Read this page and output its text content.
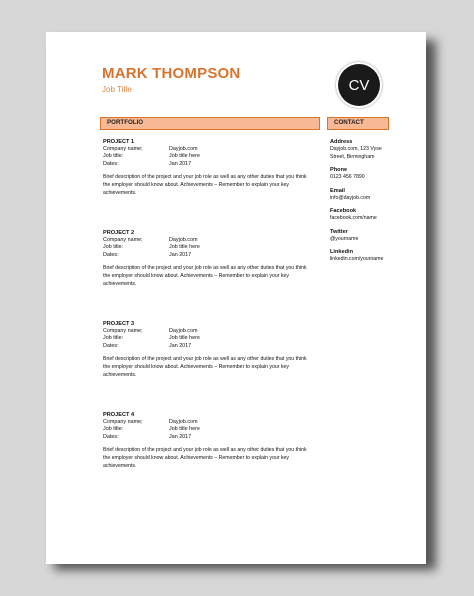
MARK THOMPSON
Job Title	CV
PORTFOLIO	CONTACT
PROJECT 1
Company name;	Dayjob.com
Job title:	Job title here
Dates:	Jan 2017
Brief description of the project and your job role as well as any other duties that you think the employer should know about. Achievements – Remember to explain your key achievements.
PROJECT 2
Company name;	Dayjob.com
Job title:	Job title here
Dates:	Jan 2017
Brief description of the project and your job role as well as any other duties that you think the employer should know about. Achievements – Remember to explain your key achievements.
PROJECT 3
Company name;	Dayjob.com
Job title:	Job title here
Dates:	Jan 2017
Brief description of the project and your job role as well as any other duties that you think the employer should know about. Achievements – Remember to explain your key achievements.
PROJECT 4
Company name;	Dayjob.com
Job title:	Job title here
Dates:	Jan 2017
Brief description of the project and your job role as well as any other duties that you think the employer should know about. Achievements – Remember to explain your key achievements.
Address
Dayjob.com, 123 Vyse
Street, Birmingham
Phone
0123 456 7890
Email
info@dayjob.com
Facebook
facebook.com/name
Twitter
@yourname
Linkedin
linkedin.com/yourname
